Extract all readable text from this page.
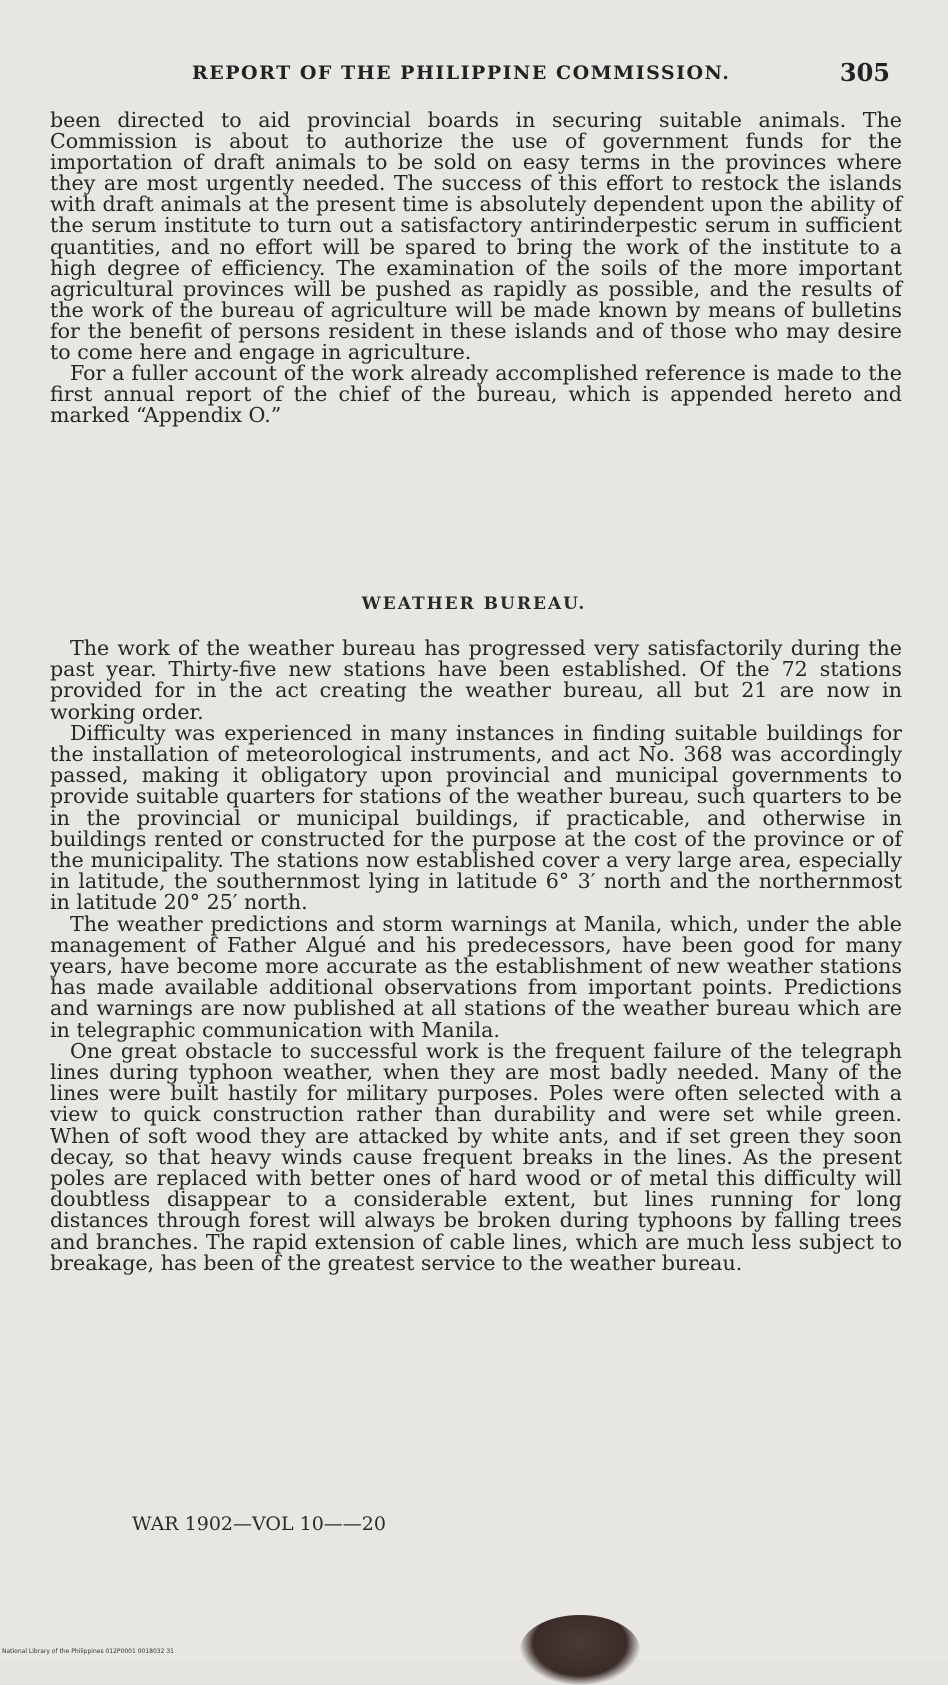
REPORT OF THE PHILIPPINE COMMISSION.	305

been directed to aid provincial boards in securing suitable animals. The Commission is about to authorize the use of government funds for the importation of draft animals to be sold on easy terms in the provinces where they are most urgently needed. The success of this effort to restock the islands with draft animals at the present time is absolutely dependent upon the ability of the serum institute to turn out a satisfactory antirinderpestic serum in sufficient quantities, and no effort will be spared to bring the work of the institute to a high degree of efficiency. The examination of the soils of the more important agricultural provinces will be pushed as rapidly as possible, and the results of the work of the bureau of agriculture will be made known by means of bulletins for the benefit of persons resident in these islands and of those who may desire to come here and engage in agriculture.

For a fuller account of the work already accomplished reference is made to the first annual report of the chief of the bureau, which is appended hereto and marked “Appendix O.”

WEATHER BUREAU.

The work of the weather bureau has progressed very satisfactorily during the past year. Thirty-five new stations have been established. Of the 72 stations provided for in the act creating the weather bureau, all but 21 are now in working order.

Difficulty was experienced in many instances in finding suitable buildings for the installation of meteorological instruments, and act No. 368 was accordingly passed, making it obligatory upon provincial and municipal governments to provide suitable quarters for stations of the weather bureau, such quarters to be in the provincial or municipal buildings, if practicable, and otherwise in buildings rented or constructed for the purpose at the cost of the province or of the municipality. The stations now established cover a very large area, especially in latitude, the southernmost lying in latitude 6° 3′ north and the northernmost in latitude 20° 25′ north.

The weather predictions and storm warnings at Manila, which, under the able management of Father Algué and his predecessors, have been good for many years, have become more accurate as the establishment of new weather stations has made available additional observations from important points. Predictions and warnings are now published at all stations of the weather bureau which are in telegraphic communication with Manila.

One great obstacle to successful work is the frequent failure of the telegraph lines during typhoon weather, when they are most badly needed. Many of the lines were built hastily for military purposes. Poles were often selected with a view to quick construction rather than durability and were set while green. When of soft wood they are attacked by white ants, and if set green they soon decay, so that heavy winds cause frequent breaks in the lines. As the present poles are replaced with better ones of hard wood or of metal this difficulty will doubtless disappear to a considerable extent, but lines running for long distances through forest will always be broken during typhoons by falling trees and branches. The rapid extension of cable lines, which are much less subject to breakage, has been of the greatest service to the weather bureau.

WAR 1902—VOL 10——20
National Library of the Philippines 012P0001 0018032 31
